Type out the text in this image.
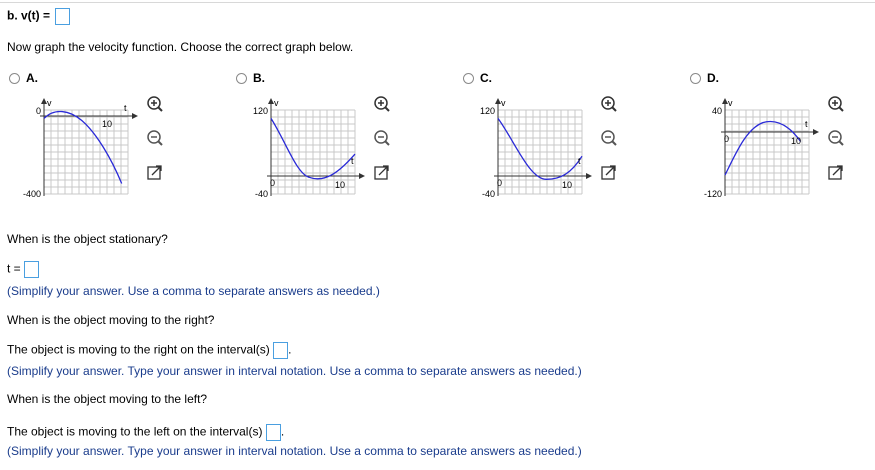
b. v(t) =
Now graph the velocity function. Choose the correct graph below.
A.
v
0
-400
t
10
B.
v
120
-40
t
10
0
C.
v
120
-40
t
10
0
D.
v
40
-120
t
10
0
When is the object stationary?
t =
(Simplify your answer. Use a comma to separate answers as needed.)
When is the object moving to the right?
The object is moving to the right on the interval(s) .
(Simplify your answer. Type your answer in interval notation. Use a comma to separate answers as needed.)
When is the object moving to the left?
The object is moving to the left on the interval(s) .
(Simplify your answer. Type your answer in interval notation. Use a comma to separate answers as needed.)
